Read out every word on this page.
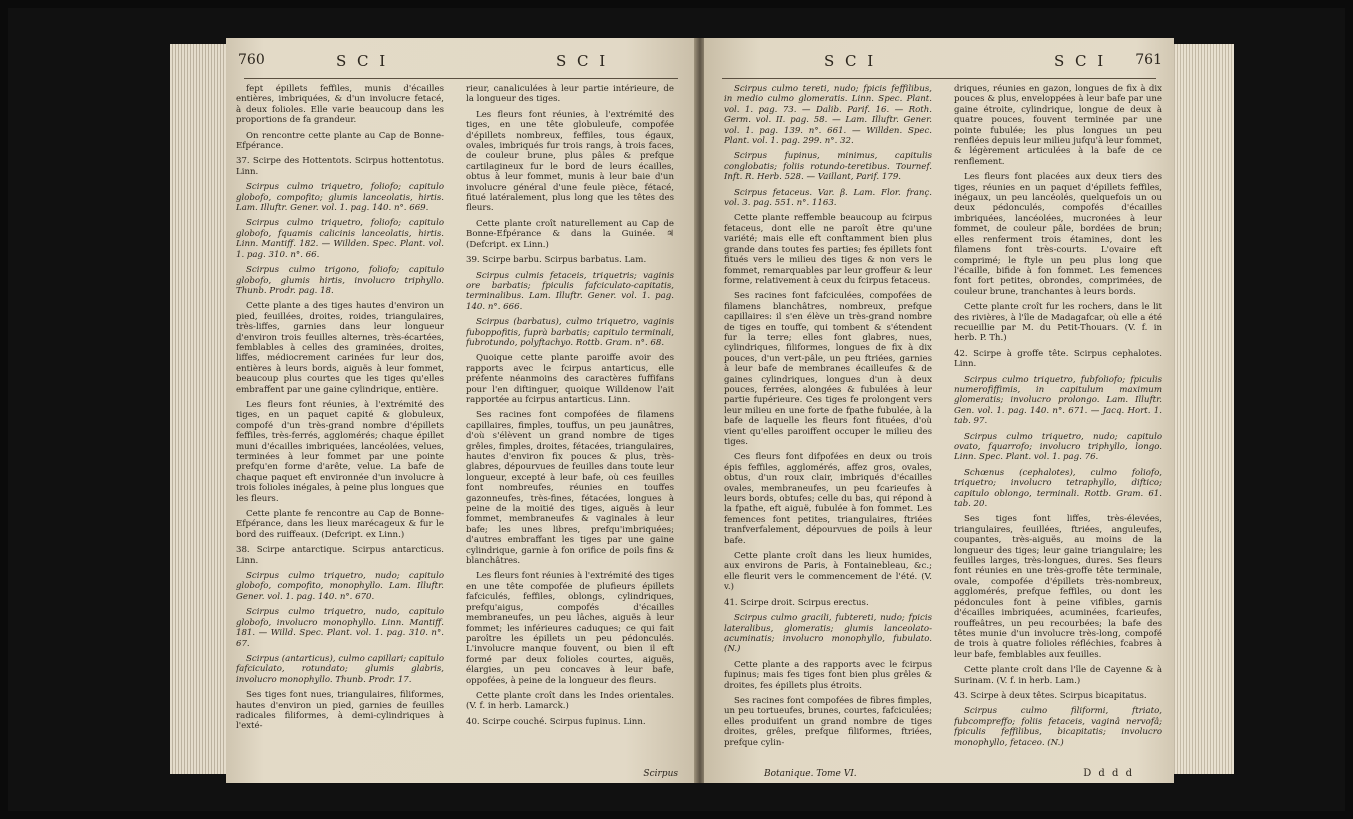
760	S C I	S C I

fept épillets feffiles, munis d'écailles entières, imbriquées, & d'un involucre fetacé, à deux folioles. Elle varie beaucoup dans les proportions de fa grandeur.

On rencontre cette plante au Cap de Bonne-Efpérance.

37. Scirpe des Hottentots. Scirpus hottentotus. Linn.

Scirpus culmo triquetro, foliofo; capitulo globofo, compofito; glumis lanceolatis, hirtis. Lam. Illuftr. Gener. vol. 1. pag. 140. n°. 669.

Scirpus culmo triquetro, foliofo; capitulo globofo, fquamis calicinis lanceolatis, hirtis. Linn. Mantiff. 182. — Willden. Spec. Plant. vol. 1. pag. 310. n°. 66.

Scirpus culmo trigono, foliofo; capitulo globofo, glumis hirtis, involucro triphyllo. Thunb. Prodr. pag. 18.

Cette plante a des tiges hautes d'environ un pied, feuillées, droites, roides, triangulaires, très-liffes, garnies dans leur longueur d'environ trois feuilles alternes, très-écartées, femblables à celles des graminées, droites, liffes, médiocrement carinées fur leur dos, entières à leurs bords, aiguës à leur fommet, beaucoup plus courtes que les tiges qu'elles embraffent par une gaine cylindrique, entière.

Les fleurs font réunies, à l'extrémité des tiges, en un paquet capité & globuleux, compofé d'un très-grand nombre d'épillets feffiles, très-ferrés, agglomérés; chaque épillet muni d'écailles imbriquées, lancéolées, velues, terminées à leur fommet par une pointe prefqu'en forme d'arête, velue. La bafe de chaque paquet eft environnée d'un involucre à trois folioles inégales, à peine plus longues que les fleurs.

Cette plante fe rencontre au Cap de Bonne-Efpérance, dans les lieux marécageux & fur le bord des ruiffeaux. (Defcript. ex Linn.)

38. Scirpe antarctique. Scirpus antarcticus. Linn.

Scirpus culmo triquetro, nudo; capitulo globofo, compofito, monophyllo. Lam. Illuftr. Gener. vol. 1. pag. 140. n°. 670.

Scirpus culmo triquetro, nudo, capitulo globofo, involucro monophyllo. Linn. Mantiff. 181. — Willd. Spec. Plant. vol. 1. pag. 310. n°. 67.

Scirpus (antarticus), culmo capillari; capitulo fafciculato, rotundato; glumis glabris, involucro monophyllo. Thunb. Prodr. 17.

Ses tiges font nues, triangulaires, filiformes, hautes d'environ un pied, garnies de feuilles radicales filiformes, à demi-cylindriques à l'exté-

rieur, canaliculées à leur partie intérieure, de la longueur des tiges.

Les fleurs font réunies, à l'extrémité des tiges, en une tête globuleufe, compofée d'épillets nombreux, feffiles, tous égaux, ovales, imbriqués fur trois rangs, à trois faces, de couleur brune, plus pâles & prefque cartilagineux fur le bord de leurs écailles, obtus à leur fommet, munis à leur baie d'un involucre général d'une feule pièce, fétacé, fitué latéralement, plus long que les têtes des fleurs.

Cette plante croît naturellement au Cap de Bonne-Efpérance & dans la Guinée. ♃ (Defcript. ex Linn.)

39. Scirpe barbu. Scirpus barbatus. Lam.

Scirpus culmis fetaceis, triquetris; vaginis ore barbatis; fpiculis fafciculato-capitatis, terminalibus. Lam. Illuftr. Gener. vol. 1. pag. 140. n°. 666.

Scirpus (barbatus), culmo triquetro, vaginis fuboppofitis, fuprà barbatis; capitulo terminali, fubrotundo, polyftachyo. Rottb. Gram. n°. 68.

Quoique cette plante paroiffe avoir des rapports avec le fcirpus antarticus, elle préfente néanmoins des caractères fuffifans pour l'en diftinguer, quoique Willdenow l'ait rapportée au fcirpus antarticus. Linn.

Ses racines font compofées de filamens capillaires, fimples, touffus, un peu jaunâtres, d'où s'élèvent un grand nombre de tiges grêles, fimples, droites, fétacées, triangulaires, hautes d'environ fix pouces & plus, très-glabres, dépourvues de feuilles dans toute leur longueur, excepté à leur bafe, où ces feuilles font nombreufes, réunies en touffes gazonneufes, très-fines, fétacées, longues à peine de la moitié des tiges, aiguës à leur fommet, membraneufes & vaginales à leur bafe; les unes libres, prefqu'imbriquées; d'autres embraffant les tiges par une gaine cylindrique, garnie à fon orifice de poils fins & blanchâtres.

Les fleurs font réunies à l'extrémité des tiges en une tête compofée de plufieurs épillets fafciculés, feffiles, oblongs, cylindriques, prefqu'aigus, compofés d'écailles membraneufes, un peu lâches, aiguës à leur fommet; les inférieures caduques; ce qui fait paroître les épillets un peu pédonculés. L'involucre manque fouvent, ou bien il eft formé par deux folioles courtes, aiguës, élargies, un peu concaves à leur bafe, oppofées, à peine de la longueur des fleurs.

Cette plante croît dans les Indes orientales. (V. f. in herb. Lamarck.)

40. Scirpe couché. Scirpus fupinus. Linn.

Scirpus
S C I	S C I 761

Scirpus culmo tereti, nudo; fpicis feffilibus, in medio culmo glomeratis. Linn. Spec. Plant. vol. 1. pag. 73. — Dalib. Parif. 16. — Roth. Germ. vol. II. pag. 58. — Lam. Illuftr. Gener. vol. 1. pag. 139. n°. 661. — Willden. Spec. Plant. vol. 1. pag. 299. n°. 32.

Scirpus fupinus, minimus, capitulis conglobatis; foliis rotundo-teretibus. Tournef. Inft. R. Herb. 528. — Vaillant, Parif. 179.

Scirpus fetaceus. Var. β. Lam. Flor. franç. vol. 3. pag. 551. n°. 1163.

Cette plante reffemble beaucoup au fcirpus fetaceus, dont elle ne paroît être qu'une variété; mais elle eft conftamment bien plus grande dans toutes fes parties; fes épillets font fitués vers le milieu des tiges & non vers le fommet, remarquables par leur groffeur & leur forme, relativement à ceux du fcirpus fetaceus.

Ses racines font fafciculées, compofées de filamens blanchâtres, nombreux, prefque capillaires: il s'en élève un très-grand nombre de tiges en touffe, qui tombent & s'étendent fur la terre; elles font glabres, nues, cylindriques, filiformes, longues de fix à dix pouces, d'un vert-pâle, un peu ftriées, garnies à leur bafe de membranes écailleufes & de gaines cylindriques, longues d'un à deux pouces, ferrées, alongées & fubulées à leur partie fupérieure. Ces tiges fe prolongent vers leur milieu en une forte de fpathe fubulée, à la bafe de laquelle les fleurs font fituées, d'où vient qu'elles paroiffent occuper le milieu des tiges.

Ces fleurs font difpofées en deux ou trois épis feffiles, agglomérés, affez gros, ovales, obtus, d'un roux clair, imbriqués d'écailles ovales, membraneufes, un peu fcarieufes à leurs bords, obtufes; celle du bas, qui répond à la fpathe, eft aiguë, fubulée à fon fommet. Les femences font petites, triangulaires, ftriées tranfverfalement, dépourvues de poils à leur bafe.

Cette plante croît dans les lieux humides, aux environs de Paris, à Fontainebleau, &c.; elle fleurit vers le commencement de l'été. (V. v.)

41. Scirpe droit. Scirpus erectus.

Scirpus culmo gracili, fubtereti, nudo; fpicis lateralibus, glomeratis; glumis lanceolato-acuminatis; involucro monophyllo, fubulato. (N.)

Cette plante a des rapports avec le fcirpus fupinus; mais fes tiges font bien plus grêles & droites, fes épillets plus étroits.

Ses racines font compofées de fibres fimples, un peu tortueufes, brunes, courtes, fafciculées; elles produifent un grand nombre de tiges droites, grêles, prefque filiformes, ftriées, prefque cylin-

driques, réunies en gazon, longues de fix à dix pouces & plus, enveloppées à leur bafe par une gaine étroite, cylindrique, longue de deux à quatre pouces, fouvent terminée par une pointe fubulée; les plus longues un peu renflées depuis leur milieu jufqu'à leur fommet, & légèrement articulées à la bafe de ce renflement.

Les fleurs font placées aux deux tiers des tiges, réunies en un paquet d'épillets feffiles, inégaux, un peu lancéolés, quelquefois un ou deux pédonculés, compofés d'écailles imbriquées, lancéolées, mucronées à leur fommet, de couleur pâle, bordées de brun; elles renferment trois étamines, dont les filamens font très-courts. L'ovaire eft comprimé; le ftyle un peu plus long que l'écaille, bifide à fon fommet. Les femences font fort petites, obrondes, comprimées, de couleur brune, tranchantes à leurs bords.

Cette plante croît fur les rochers, dans le lit des rivières, à l'île de Madagafcar, où elle a été recueillie par M. du Petit-Thouars. (V. f. in herb. P. Th.)

42. Scirpe à groffe tête. Scirpus cephalotes. Linn.

Scirpus culmo triquetro, fubfoliofo; fpiculis numerofiffimis, in capitulum maximum glomeratis; involucro prolongo. Lam. Illuftr. Gen. vol. 1. pag. 140. n°. 671. — Jacq. Hort. 1. tab. 97.

Scirpus culmo triquetro, nudo; capitulo ovato, fquarrofo; involucro triphyllo, longo. Linn. Spec. Plant. vol. 1. pag. 76.

Schœnus (cephalotes), culmo foliofo, triquetro; involucro tetraphyllo, diftico; capitulo oblongo, terminali. Rottb. Gram. 61. tab. 20.

Ses tiges font liffes, très-élevées, triangulaires, feuillées, ftriées, anguleufes, coupantes, très-aiguës, au moins de la longueur des tiges; leur gaine triangulaire; les feuilles larges, très-longues, dures. Ses fleurs font réunies en une très-groffe tête terminale, ovale, compofée d'épillets très-nombreux, agglomérés, prefque feffiles, ou dont les pédoncules font à peine vifibles, garnis d'écailles imbriquées, acuminées, fcarieufes, rouffeâtres, un peu recourbées; la bafe des têtes munie d'un involucre très-long, compofé de trois à quatre folioles réfléchies, fcabres à leur bafe, femblables aux feuilles.

Cette plante croît dans l'île de Cayenne & à Surinam. (V. f. in herb. Lam.)

43. Scirpe à deux têtes. Scirpus bicapitatus.

Scirpus culmo filiformi, ftriato, fubcompreffo; foliis fetaceis, vaginâ nervofâ; fpiculis feffilibus, bicapitatis; involucro monophyllo, fetaceo. (N.)

Botanique. Tome VI.	D d d d
